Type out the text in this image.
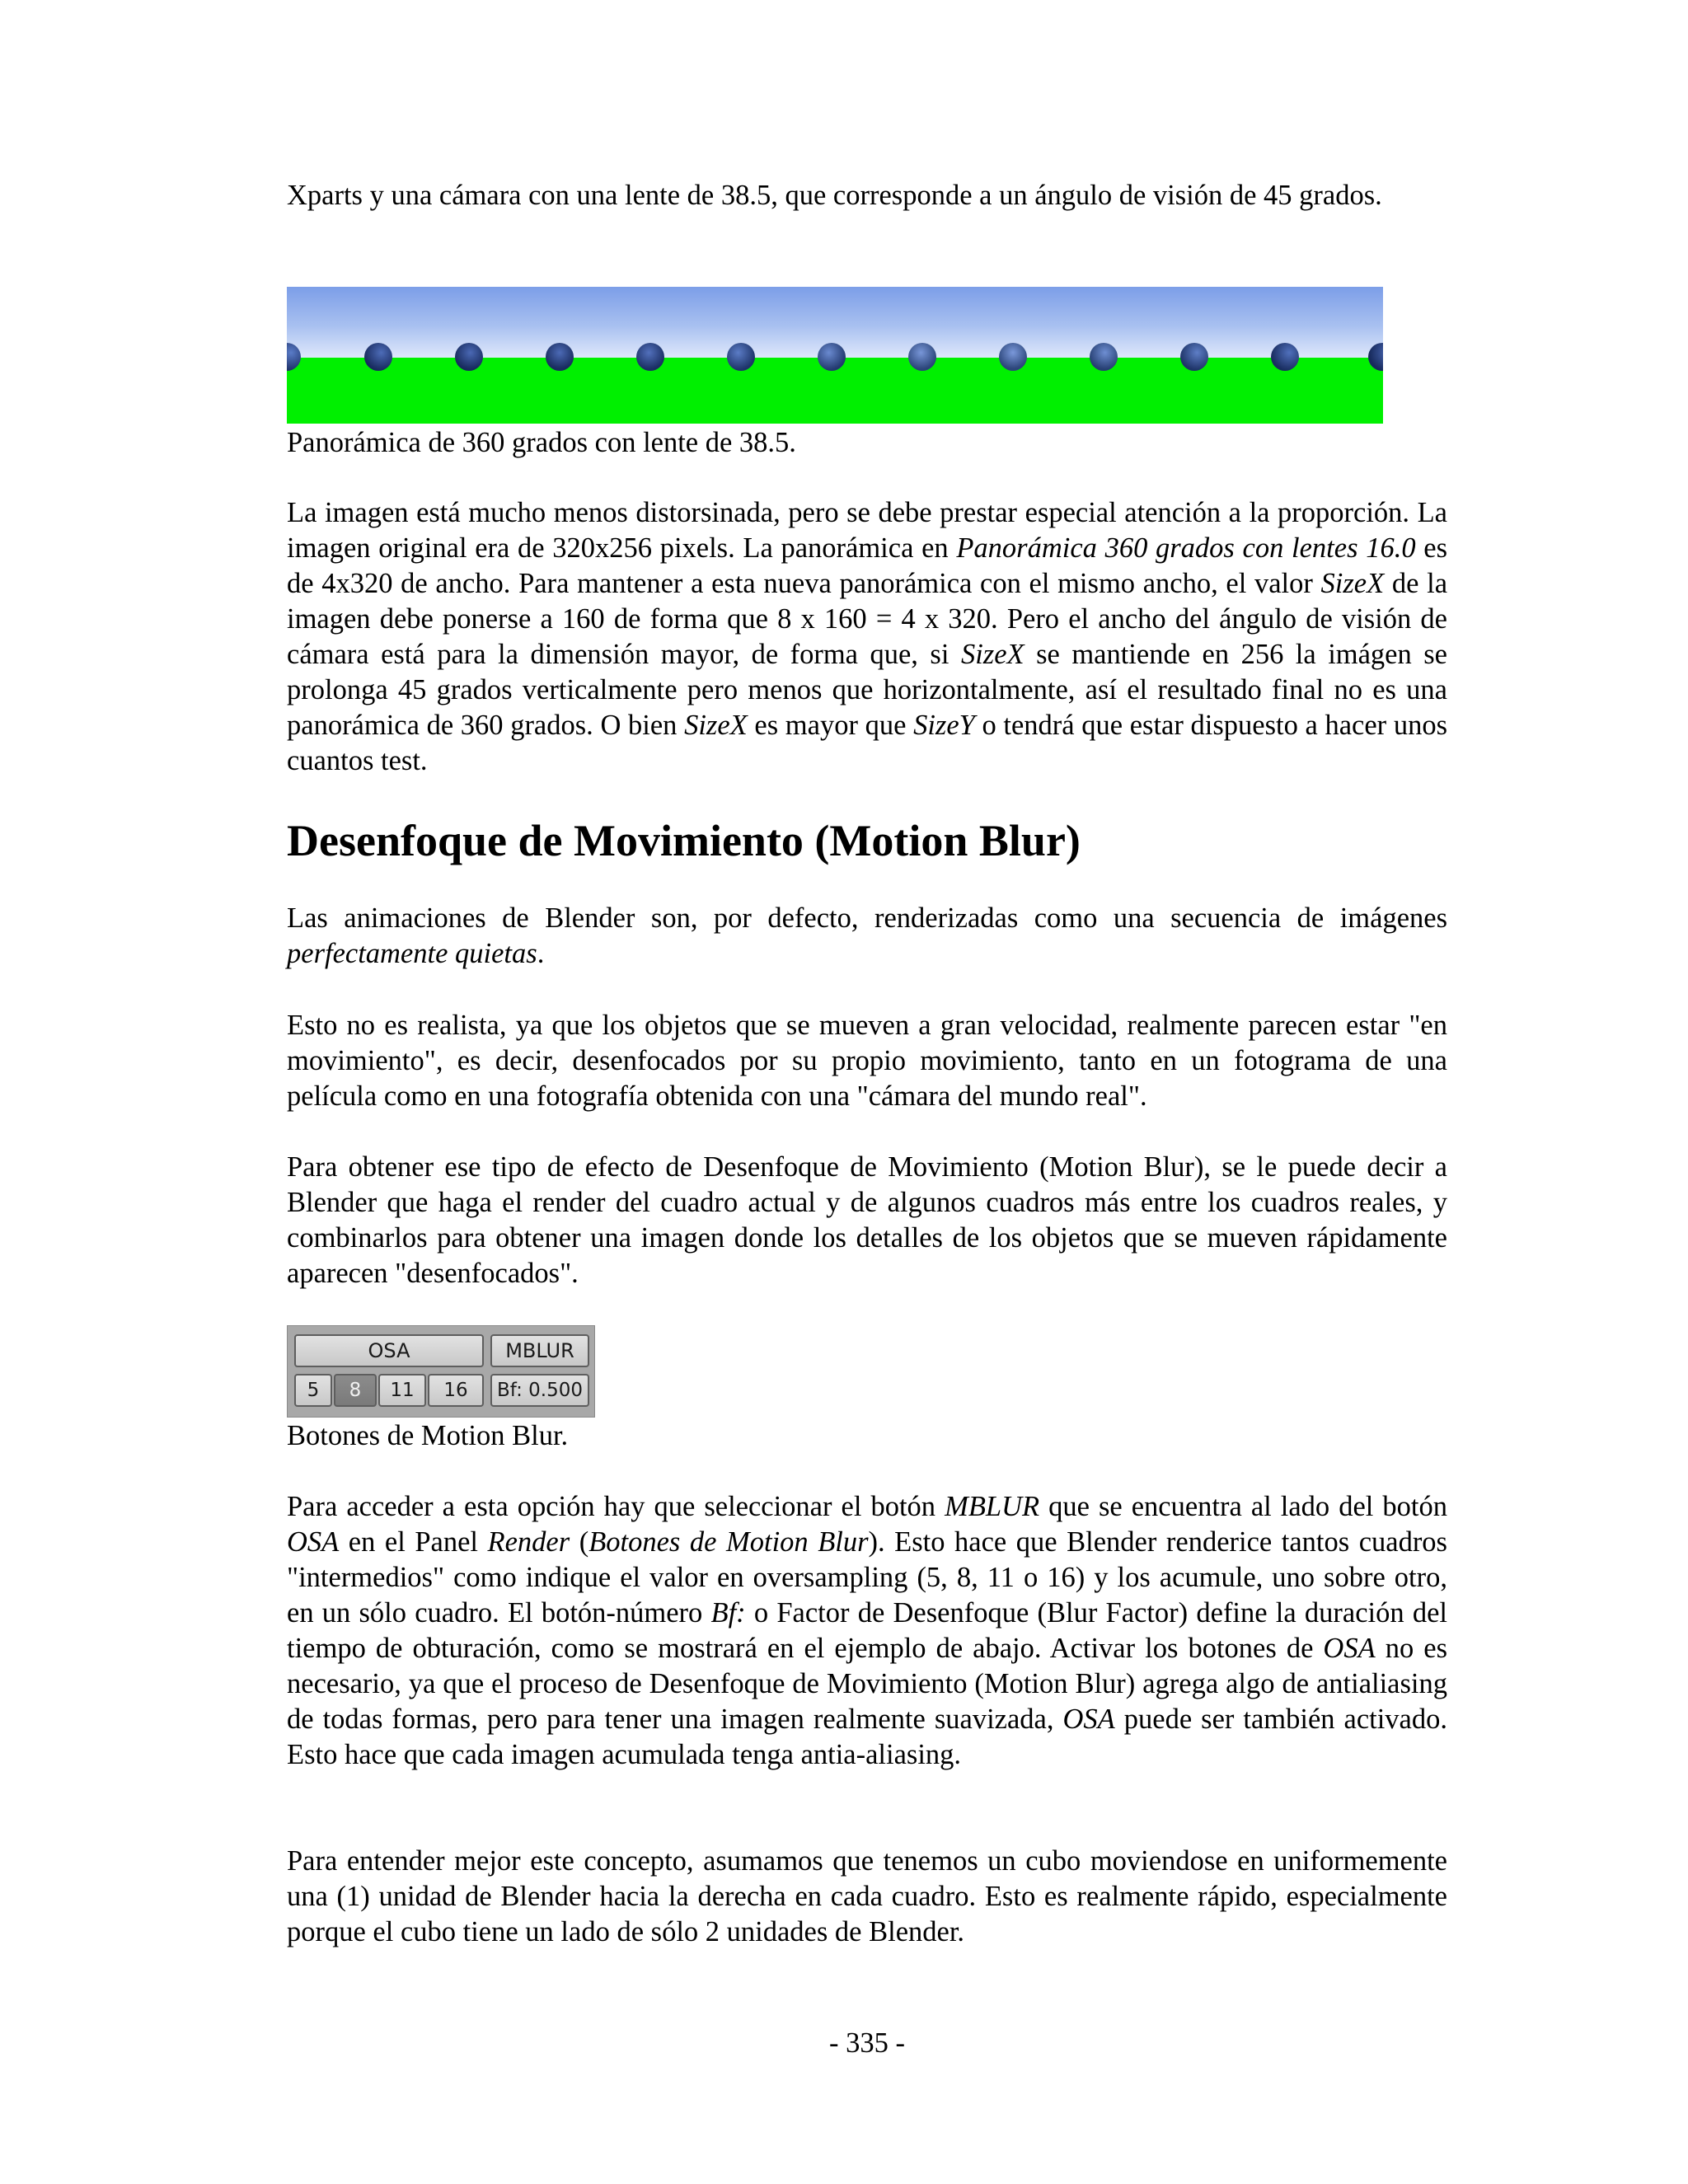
Xparts y una cámara con una lente de 38.5, que corresponde a un ángulo de visión de 45 grados.

Panorámica de 360 grados con lente de 38.5.

La imagen está mucho menos distorsinada, pero se debe prestar especial atención a la proporción. La imagen original era de 320x256 pixels. La panorámica en Panorámica 360 grados con lentes 16.0 es de 4x320 de ancho. Para mantener a esta nueva panorámica con el mismo ancho, el valor SizeX de la imagen debe ponerse a 160 de forma que 8 x 160 = 4 x 320. Pero el ancho del ángulo de visión de cámara está para la dimensión mayor, de forma que, si SizeX se mantiende en 256 la imágen se prolonga 45 grados verticalmente pero menos que horizontalmente, así el resultado final no es una panorámica de 360 grados. O bien SizeX es mayor que SizeY o tendrá que estar dispuesto a hacer unos cuantos test.

Desenfoque de Movimiento (Motion Blur)

Las animaciones de Blender son, por defecto, renderizadas como una secuencia de imágenes perfectamente quietas.

Esto no es realista, ya que los objetos que se mueven a gran velocidad, realmente parecen estar "en movimiento", es decir, desenfocados por su propio movimiento, tanto en un fotograma de una película como en una fotografía obtenida con una "cámara del mundo real".

Para obtener ese tipo de efecto de Desenfoque de Movimiento (Motion Blur), se le puede decir a Blender que haga el render del cuadro actual y de algunos cuadros más entre los cuadros reales, y combinarlos para obtener una imagen donde los detalles de los objetos que se mueven rápidamente aparecen "desenfocados".

OSA	MBLUR
5	8	11	16	Bf: 0.500

Botones de Motion Blur.

Para acceder a esta opción hay que seleccionar el botón MBLUR que se encuentra al lado del botón OSA en el Panel Render (Botones de Motion Blur). Esto hace que Blender renderice tantos cuadros "intermedios" como indique el valor en oversampling (5, 8, 11 o 16) y los acumule, uno sobre otro, en un sólo cuadro. El botón-número Bf: o Factor de Desenfoque (Blur Factor) define la duración del tiempo de obturación, como se mostrará en el ejemplo de abajo. Activar los botones de OSA no es necesario, ya que el proceso de Desenfoque de Movimiento (Motion Blur) agrega algo de antialiasing de todas formas, pero para tener una imagen realmente suavizada, OSA puede ser también activado. Esto hace que cada imagen acumulada tenga antia-aliasing.

Para entender mejor este concepto, asumamos que tenemos un cubo moviendose en uniformemente una (1) unidad de Blender hacia la derecha en cada cuadro. Esto es realmente rápido, especialmente porque el cubo tiene un lado de sólo 2 unidades de Blender.

- 335 -
